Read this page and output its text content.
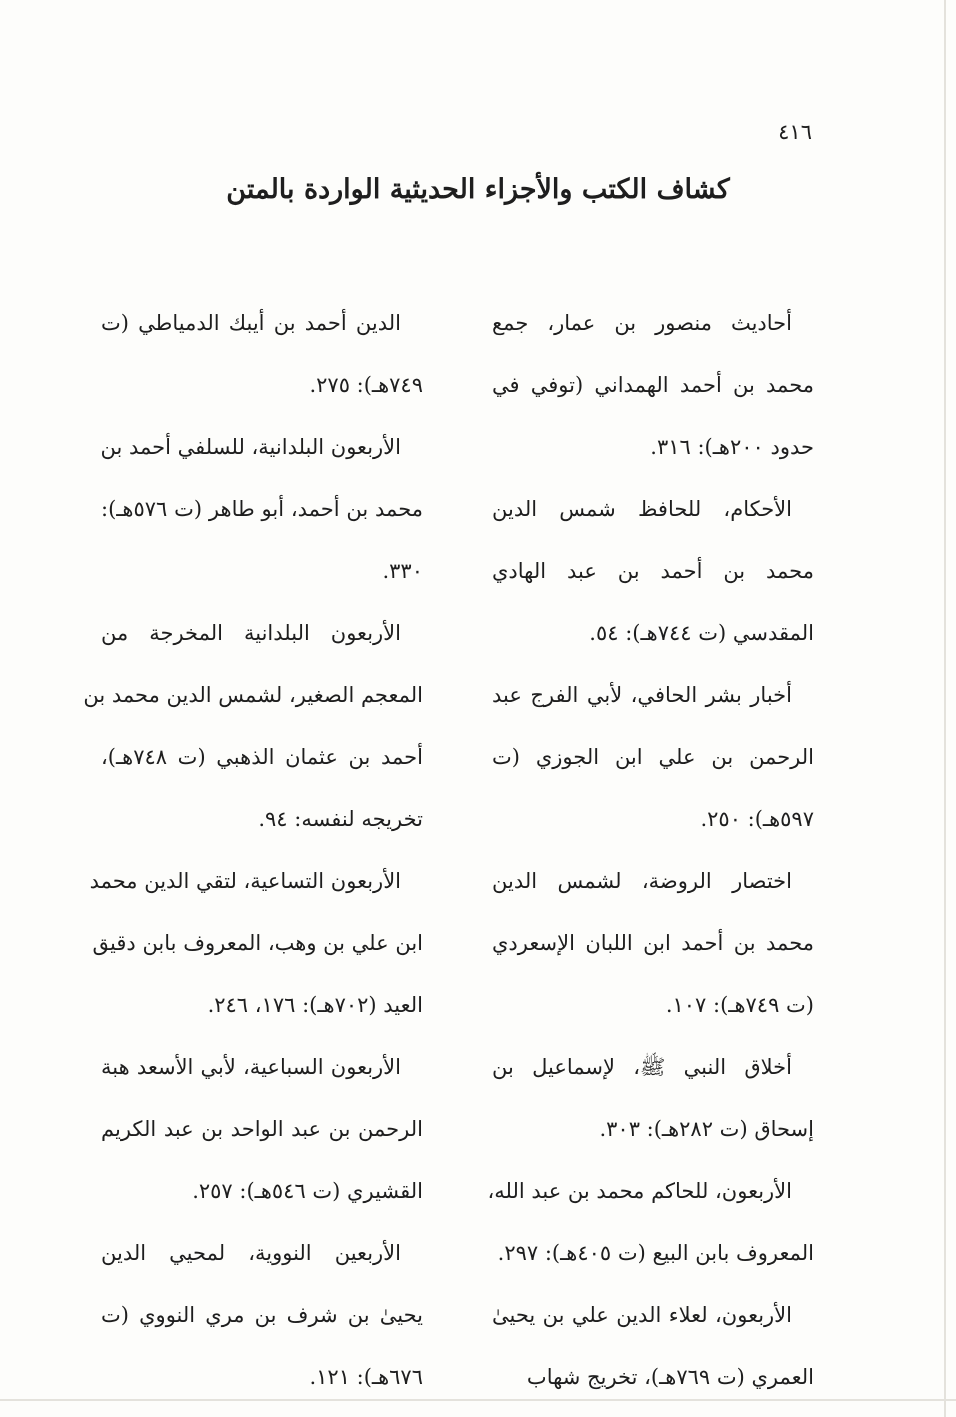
٤١٦
كشاف الكتب والأجزاء الحديثية الواردة بالمتن

أحاديث منصور بن عمار، جمع
محمد بن أحمد الهمداني (توفي في
حدود ٢٠٠هـ): ٣١٦.

الأحكام، للحافظ شمس الدين
محمد بن أحمد بن عبد الهادي
المقدسي (ت ٧٤٤هـ): ٥٤.

أخبار بشر الحافي، لأبي الفرج عبد
الرحمن بن علي ابن الجوزي (ت
٥٩٧هـ): ٢٥٠.

اختصار الروضة، لشمس الدين
محمد بن أحمد ابن اللبان الإسعردي
(ت ٧٤٩هـ): ١٠٧.

أخلاق النبي ﷺ، لإسماعيل بن
إسحاق (ت ٢٨٢هـ): ٣٠٣.

الأربعون، للحاكم محمد بن عبد الله،
المعروف بابن البيع (ت ٤٠٥هـ): ٢٩٧.

الأربعون، لعلاء الدين علي بن يحيىٰ
العمري (ت ٧٦٩هـ)، تخريج شهاب

الدين أحمد بن أيبك الدمياطي (ت
٧٤٩هـ): ٢٧٥.

الأربعون البلدانية، للسلفي أحمد بن
محمد بن أحمد، أبو طاهر (ت ٥٧٦هـ):
٣٣٠.

الأربعون البلدانية المخرجة من
المعجم الصغير، لشمس الدين محمد بن
أحمد بن عثمان الذهبي (ت ٧٤٨هـ)،
تخريجه لنفسه: ٩٤.

الأربعون التساعية، لتقي الدين محمد
ابن علي بن وهب، المعروف بابن دقيق
العيد (٧٠٢هـ): ١٧٦، ٢٤٦.

الأربعون السباعية، لأبي الأسعد هبة
الرحمن بن عبد الواحد بن عبد الكريم
القشيري (ت ٥٤٦هـ): ٢٥٧.

الأربعين النووية، لمحيي الدين
يحيىٰ بن شرف بن مري النووي (ت
٦٧٦هـ): ١٢١.
